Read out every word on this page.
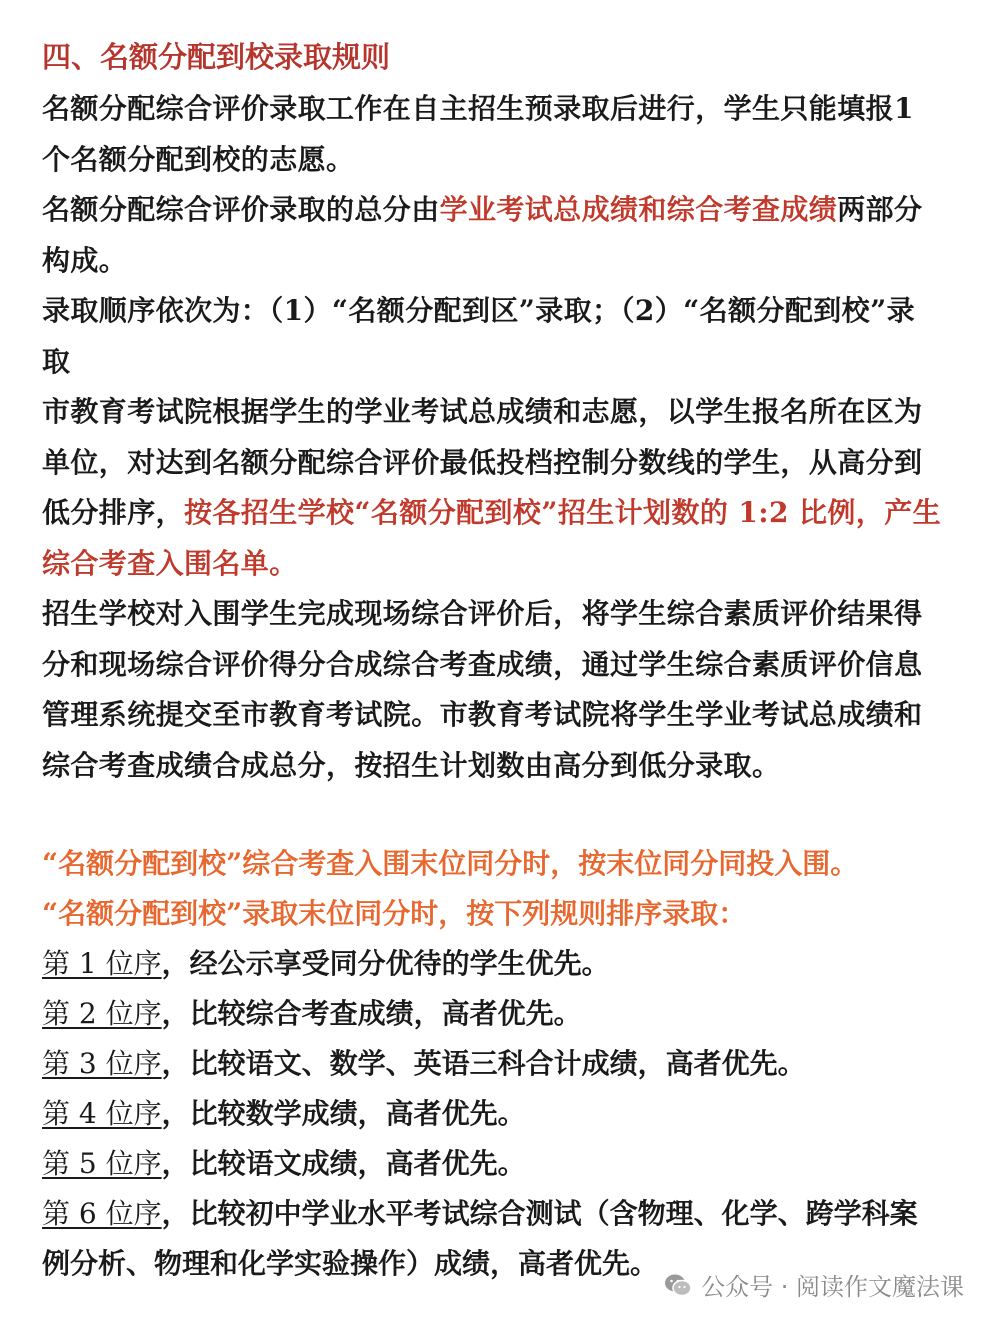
四、名额分配到校录取规则

名额分配综合评价录取工作在自主招生预录取后进行，学生只能填报1 个名额分配到校的志愿。

名额分配综合评价录取的总分由学业考试总成绩和综合考查成绩两部分构成。

录取顺序依次为：（1）“名额分配到区”录取；（2）“名额分配到校”录取

市教育考试院根据学生的学业考试总成绩和志愿，以学生报名所在区为单位，对达到名额分配综合评价最低投档控制分数线的学生，从高分到低分排序，按各招生学校“名额分配到校”招生计划数的 1:2 比例，产生综合考查入围名单。

招生学校对入围学生完成现场综合评价后，将学生综合素质评价结果得分和现场综合评价得分合成综合考查成绩，通过学生综合素质评价信息管理系统提交至市教育考试院。市教育考试院将学生学业考试总成绩和综合考查成绩合成总分，按招生计划数由高分到低分录取。

“名额分配到校”综合考查入围末位同分时，按末位同分同投入围。

“名额分配到校”录取末位同分时，按下列规则排序录取：

第 1 位序，经公示享受同分优待的学生优先。

第 2 位序，比较综合考查成绩，高者优先。

第 3 位序，比较语文、数学、英语三科合计成绩，高者优先。

第 4 位序，比较数学成绩，高者优先。

第 5 位序，比较语文成绩，高者优先。

第 6 位序，比较初中学业水平考试综合测试（含物理、化学、跨学科案例分析、物理和化学实验操作）成绩，高者优先。

公众号 · 阅读作文魔法课
